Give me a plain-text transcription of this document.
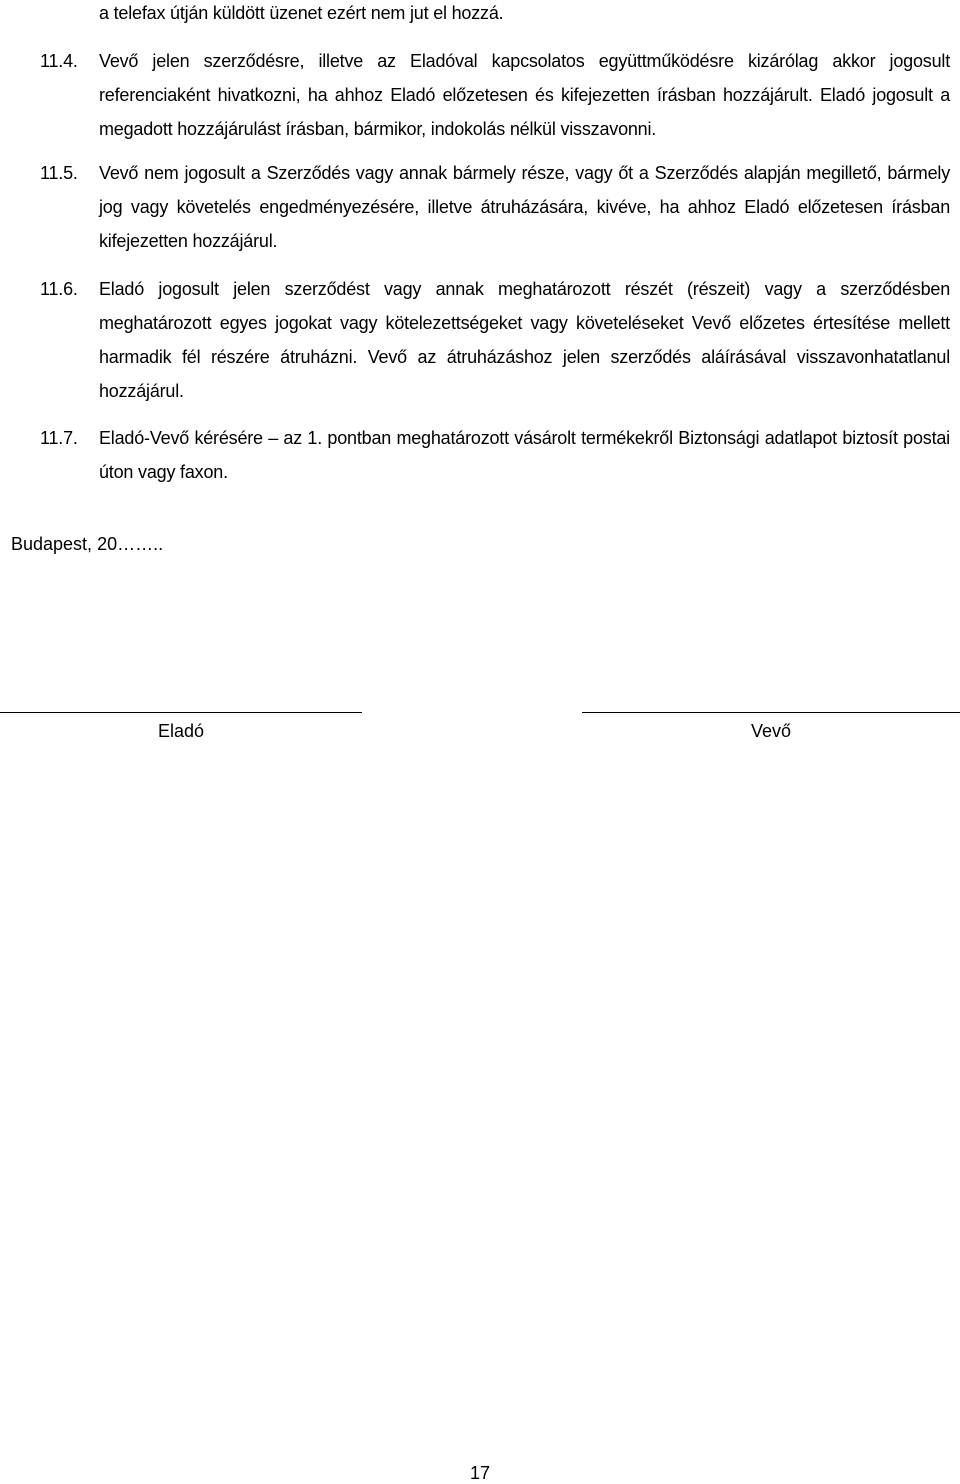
a telefax útján küldött üzenet ezért nem jut el hozzá.
11.4.	Vevő jelen szerződésre, illetve az Eladóval kapcsolatos együttműködésre kizárólag akkor jogosult referenciaként hivatkozni, ha ahhoz Eladó előzetesen és kifejezetten írásban hozzájárult. Eladó jogosult a megadott hozzájárulást írásban, bármikor, indokolás nélkül visszavonni.
11.5.	Vevő nem jogosult a Szerződés vagy annak bármely része, vagy őt a Szerződés alapján megillető, bármely jog vagy követelés engedményezésére, illetve átruházására, kivéve, ha ahhoz Eladó előzetesen írásban kifejezetten hozzájárul.
11.6.	Eladó jogosult jelen szerződést vagy annak meghatározott részét (részeit) vagy a szerződésben meghatározott egyes jogokat vagy kötelezettségeket vagy követeléseket Vevő előzetes értesítése mellett harmadik fél részére átruházni. Vevő az átruházáshoz jelen szerződés aláírásával visszavonhatatlanul hozzájárul.
11.7.	Eladó-Vevő kérésére – az 1. pontban meghatározott vásárolt termékekről Biztonsági adatlapot biztosít postai úton vagy faxon.
Budapest, 20……..
Eladó	Vevő
17
